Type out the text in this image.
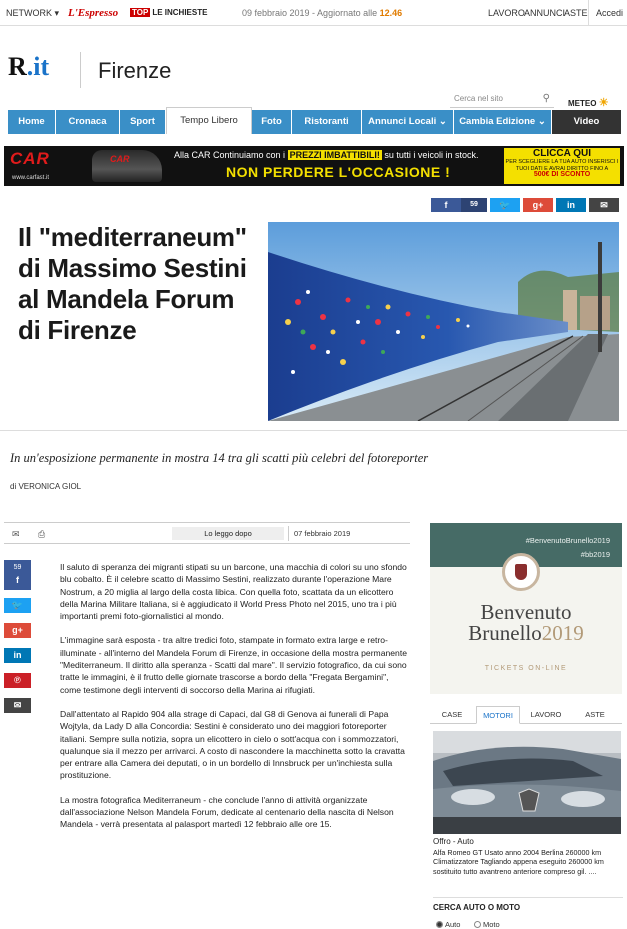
NETWORK ▾ L'Espresso TOP LE INCHIESTE	09 febbraio 2019 - Aggiornato alle 12.46	LAVORO ANNUNCI
ASTE Accedi
R.it Firenze
Cerca nel sito	⚲ METEO ☀
Home	Cronaca	Sport	Tempo Libero	Foto	Ristoranti	Annunci Locali ⌄	Cambia Edizione ⌄	Video
CAR
www.carfast.it
CAR	Alla CAR Continuiamo con i PREZZI IMBATTIBILI! su tutti i veicoli in stock.
NON PERDERE L'OCCASIONE !
CLICCA QUI
PER SCEGLIERE LA TUA AUTO INSERISCI I TUOI DATI E AVRAI DIRITTO FINO A
500€ DI SCONTO
f	59	🐦	g+	in	✉
Il "mediterraneum" di Massimo Sestini al Mandela Forum di Firenze
In un'esposizione permanente in mostra 14 tra gli scatti più celebri del fotoreporter
di VERONICA GIOL
✉ ⎙	Lo leggo dopo	07 febbraio 2019
59
f
🐦
g+
in
℗
✉

Il saluto di speranza dei migranti stipati su un barcone, una macchia di colori su uno sfondo blu cobalto. È il celebre scatto di Massimo Sestini, realizzato durante l'operazione Mare Nostrum, a 20 miglia al largo della costa libica. Con quella foto, scattata da un elicottero della Marina Militare Italiana, si è aggiudicato il World Press Photo nel 2015, uno tra i più importanti premi foto-giornalistici al mondo.

L'immagine sarà esposta - tra altre tredici foto, stampate in formato extra large e retro-illuminate - all'interno del Mandela Forum di Firenze, in occasione della mostra permanente "Mediterraneum. Il diritto alla speranza - Scatti dal mare". Il servizio fotografico, da cui sono tratte le immagini, è il frutto delle giornate trascorse a bordo della "Fregata Bergamini", come testimone degli interventi di soccorso della Marina ai rifugiati.

Dall'attentato al Rapido 904 alla strage di Capaci, dal G8 di Genova ai funerali di Papa Wojtyla, da Lady D alla Concordia: Sestini è considerato uno dei maggiori fotoreporter italiani. Sempre sulla notizia, sopra un elicottero in cielo o sott'acqua con i sommozzatori, qualunque sia il mezzo per arrivarci. A costo di nascondere la macchinetta sotto la cravatta per entrare alla Camera dei deputati, o in un bordello di Innsbruck per un'inchiesta sulla prostituzione.

La mostra fotografica Mediterraneum - che conclude l'anno di attività organizzate dall'associazione Nelson Mandela Forum, dedicate al centenario della nascita di Nelson Mandela - verrà presentata al palasport martedì 12 febbraio alle ore 15.

#BenvenutoBrunello2019
#bb2019
Benvenuto
Brunello2019
TICKETS ON-LINE
CASE	MOTORI	LAVORO	ASTE
Offro - Auto
Alfa Romeo GT Usato anno 2004 Berlina 260000 km Climatizzatore Tagliando appena eseguito 260000 km sostituito tutto avantreno anteriore compreso gil. ....
CERCA AUTO O MOTO
Auto	Moto
